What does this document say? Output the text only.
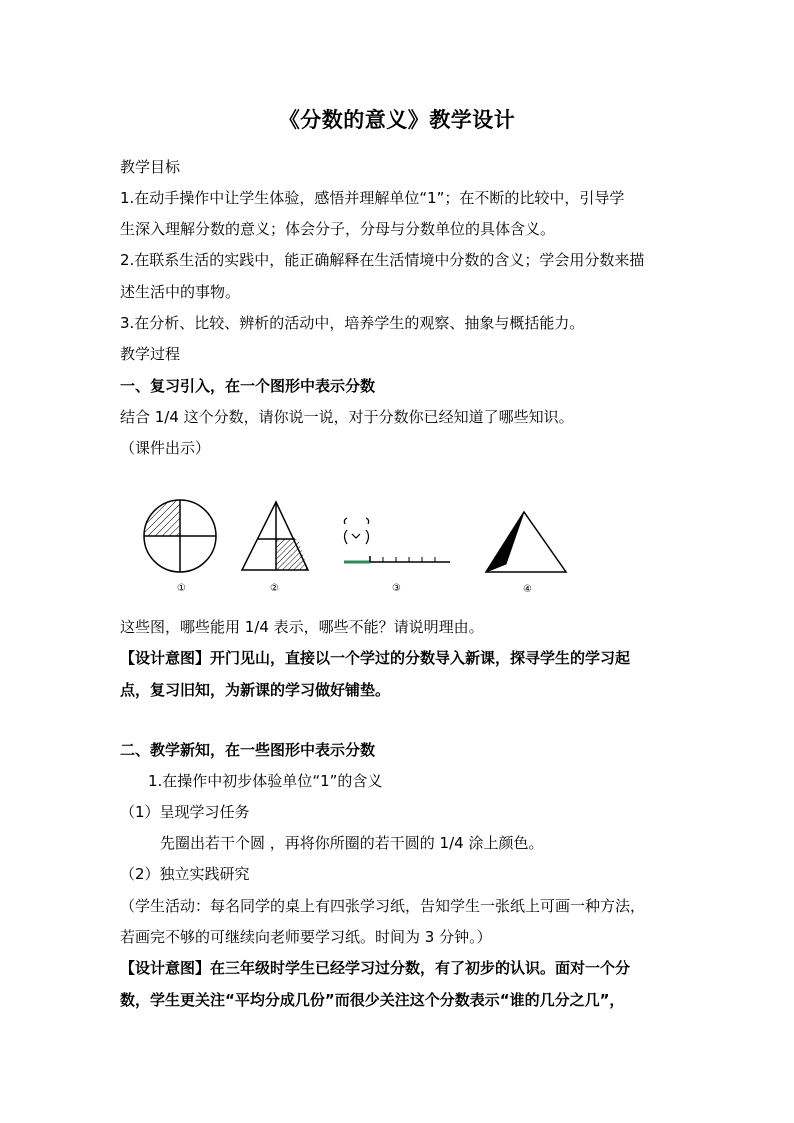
《分数的意义》教学设计
教学目标
1.在动手操作中让学生体验，感悟并理解单位“1”；在不断的比较中，引导学
生深入理解分数的意义；体会分子，分母与分数单位的具体含义。
2.在联系生活的实践中，能正确解释在生活情境中分数的含义；学会用分数来描
述生活中的事物。
3.在分析、比较、辨析的活动中，培养学生的观察、抽象与概括能力。
教学过程
一、复习引入，在一个图形中表示分数
结合 1/4 这个分数，请你说一说，对于分数你已经知道了哪些知识。
（课件出示）
①	②	③	④
这些图，哪些能用 1/4 表示，哪些不能？请说明理由。
【设计意图】开门见山，直接以一个学过的分数导入新课，探寻学生的学习起
点，复习旧知，为新课的学习做好铺垫。
二、教学新知，在一些图形中表示分数
1.在操作中初步体验单位“1”的含义
（1）呈现学习任务
先圈出若干个圆 ，再将你所圈的若干圆的 1/4 涂上颜色。
（2）独立实践研究
（学生活动：每名同学的桌上有四张学习纸，告知学生一张纸上可画一种方法，
若画完不够的可继续向老师要学习纸。时间为 3 分钟。）
【设计意图】在三年级时学生已经学习过分数，有了初步的认识。面对一个分
数，学生更关注“平均分成几份”而很少关注这个分数表示“谁的几分之几”，
